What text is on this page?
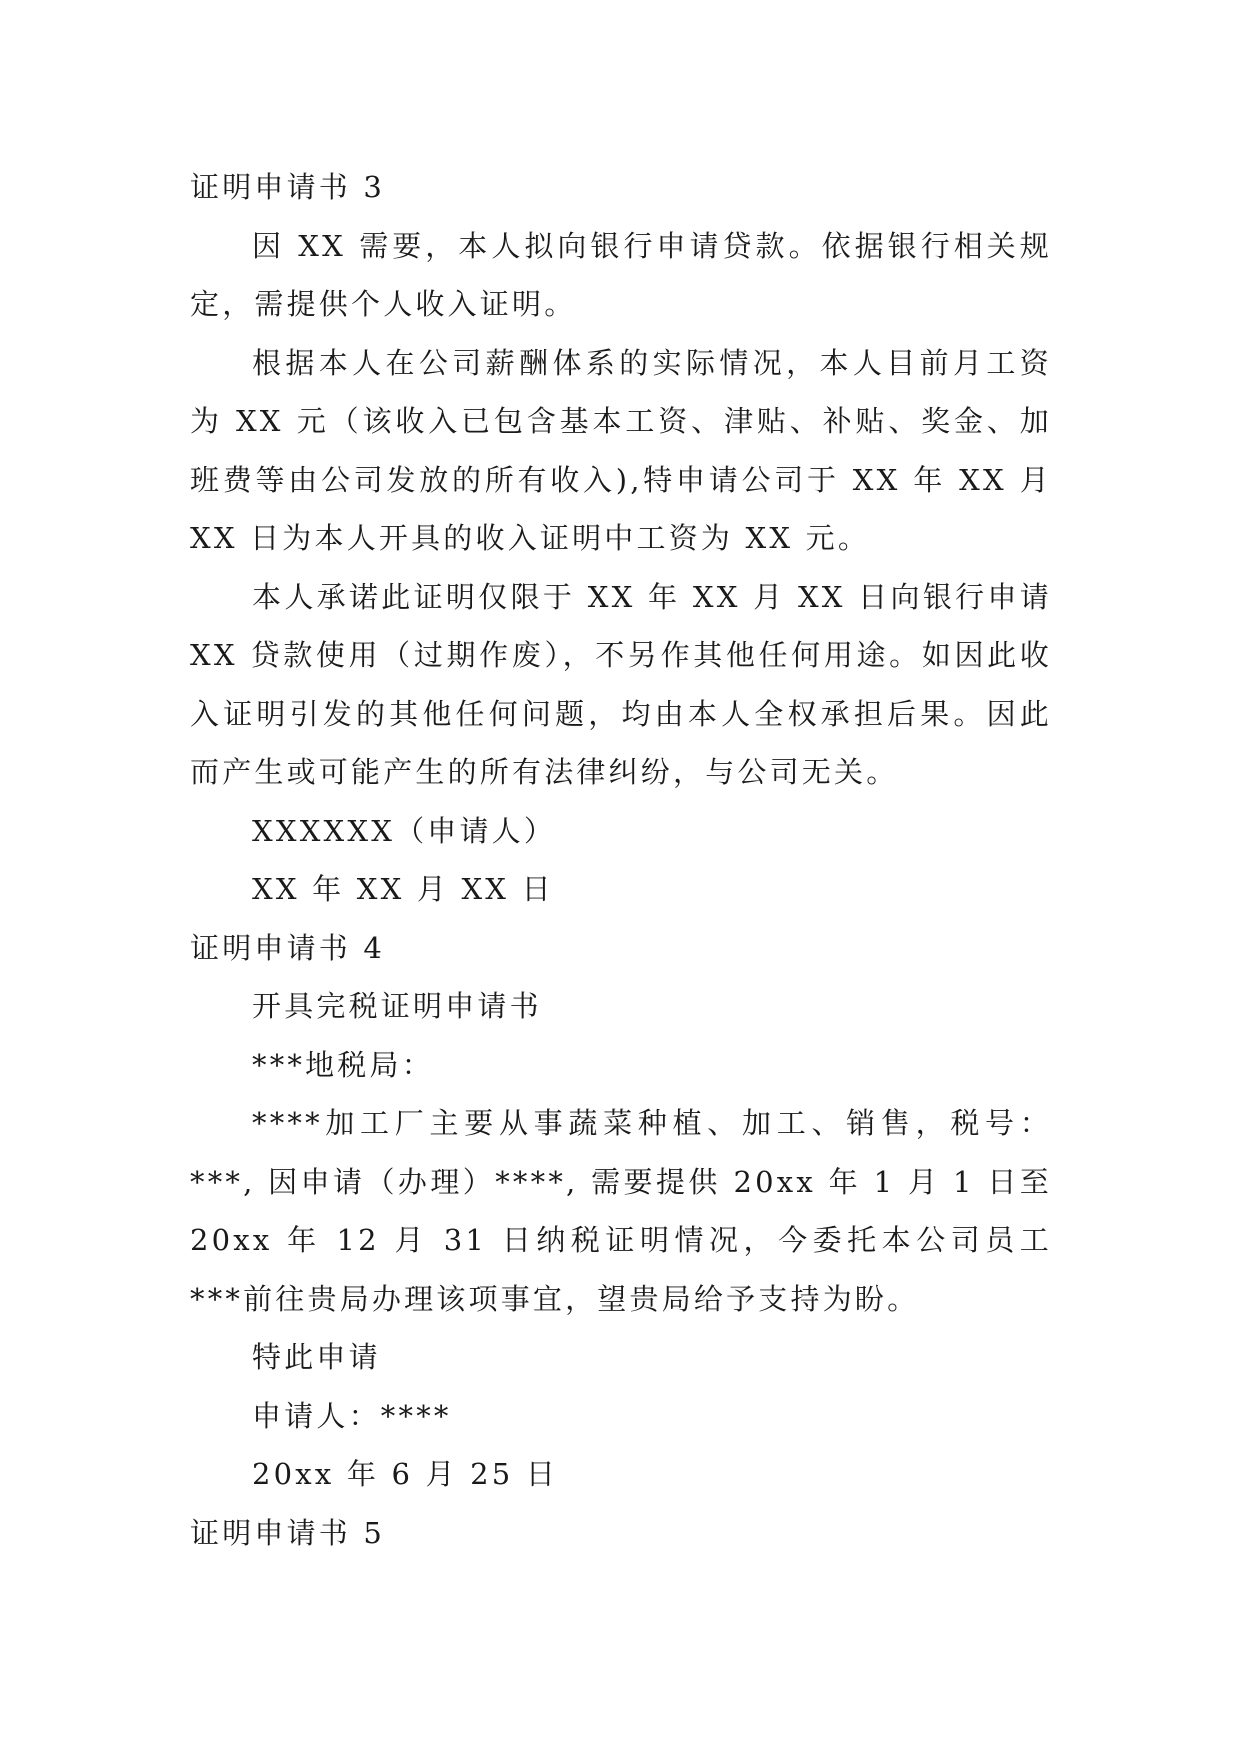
证明申请书 3

因 XX 需要，本人拟向银行申请贷款。依据银行相关规定，需提供个人收入证明。

根据本人在公司薪酬体系的实际情况，本人目前月工资为 XX 元（该收入已包含基本工资、津贴、补贴、奖金、加班费等由公司发放的所有收入),特申请公司于 XX 年 XX 月 XX 日为本人开具的收入证明中工资为 XX 元。

本人承诺此证明仅限于 XX 年 XX 月 XX 日向银行申请 XX 贷款使用（过期作废），不另作其他任何用途。如因此收入证明引发的其他任何问题，均由本人全权承担后果。因此而产生或可能产生的所有法律纠纷，与公司无关。

XXXXXX（申请人）

XX 年 XX 月 XX 日

证明申请书 4

开具完税证明申请书

***地税局：

****加工厂主要从事蔬菜种植、加工、销售，税号：***, 因申请（办理）****, 需要提供 20xx 年 1 月 1 日至 20xx 年 12 月 31 日纳税证明情况，今委托本公司员工***前往贵局办理该项事宜，望贵局给予支持为盼。

特此申请

申请人：****

20xx 年 6 月 25 日

证明申请书 5
